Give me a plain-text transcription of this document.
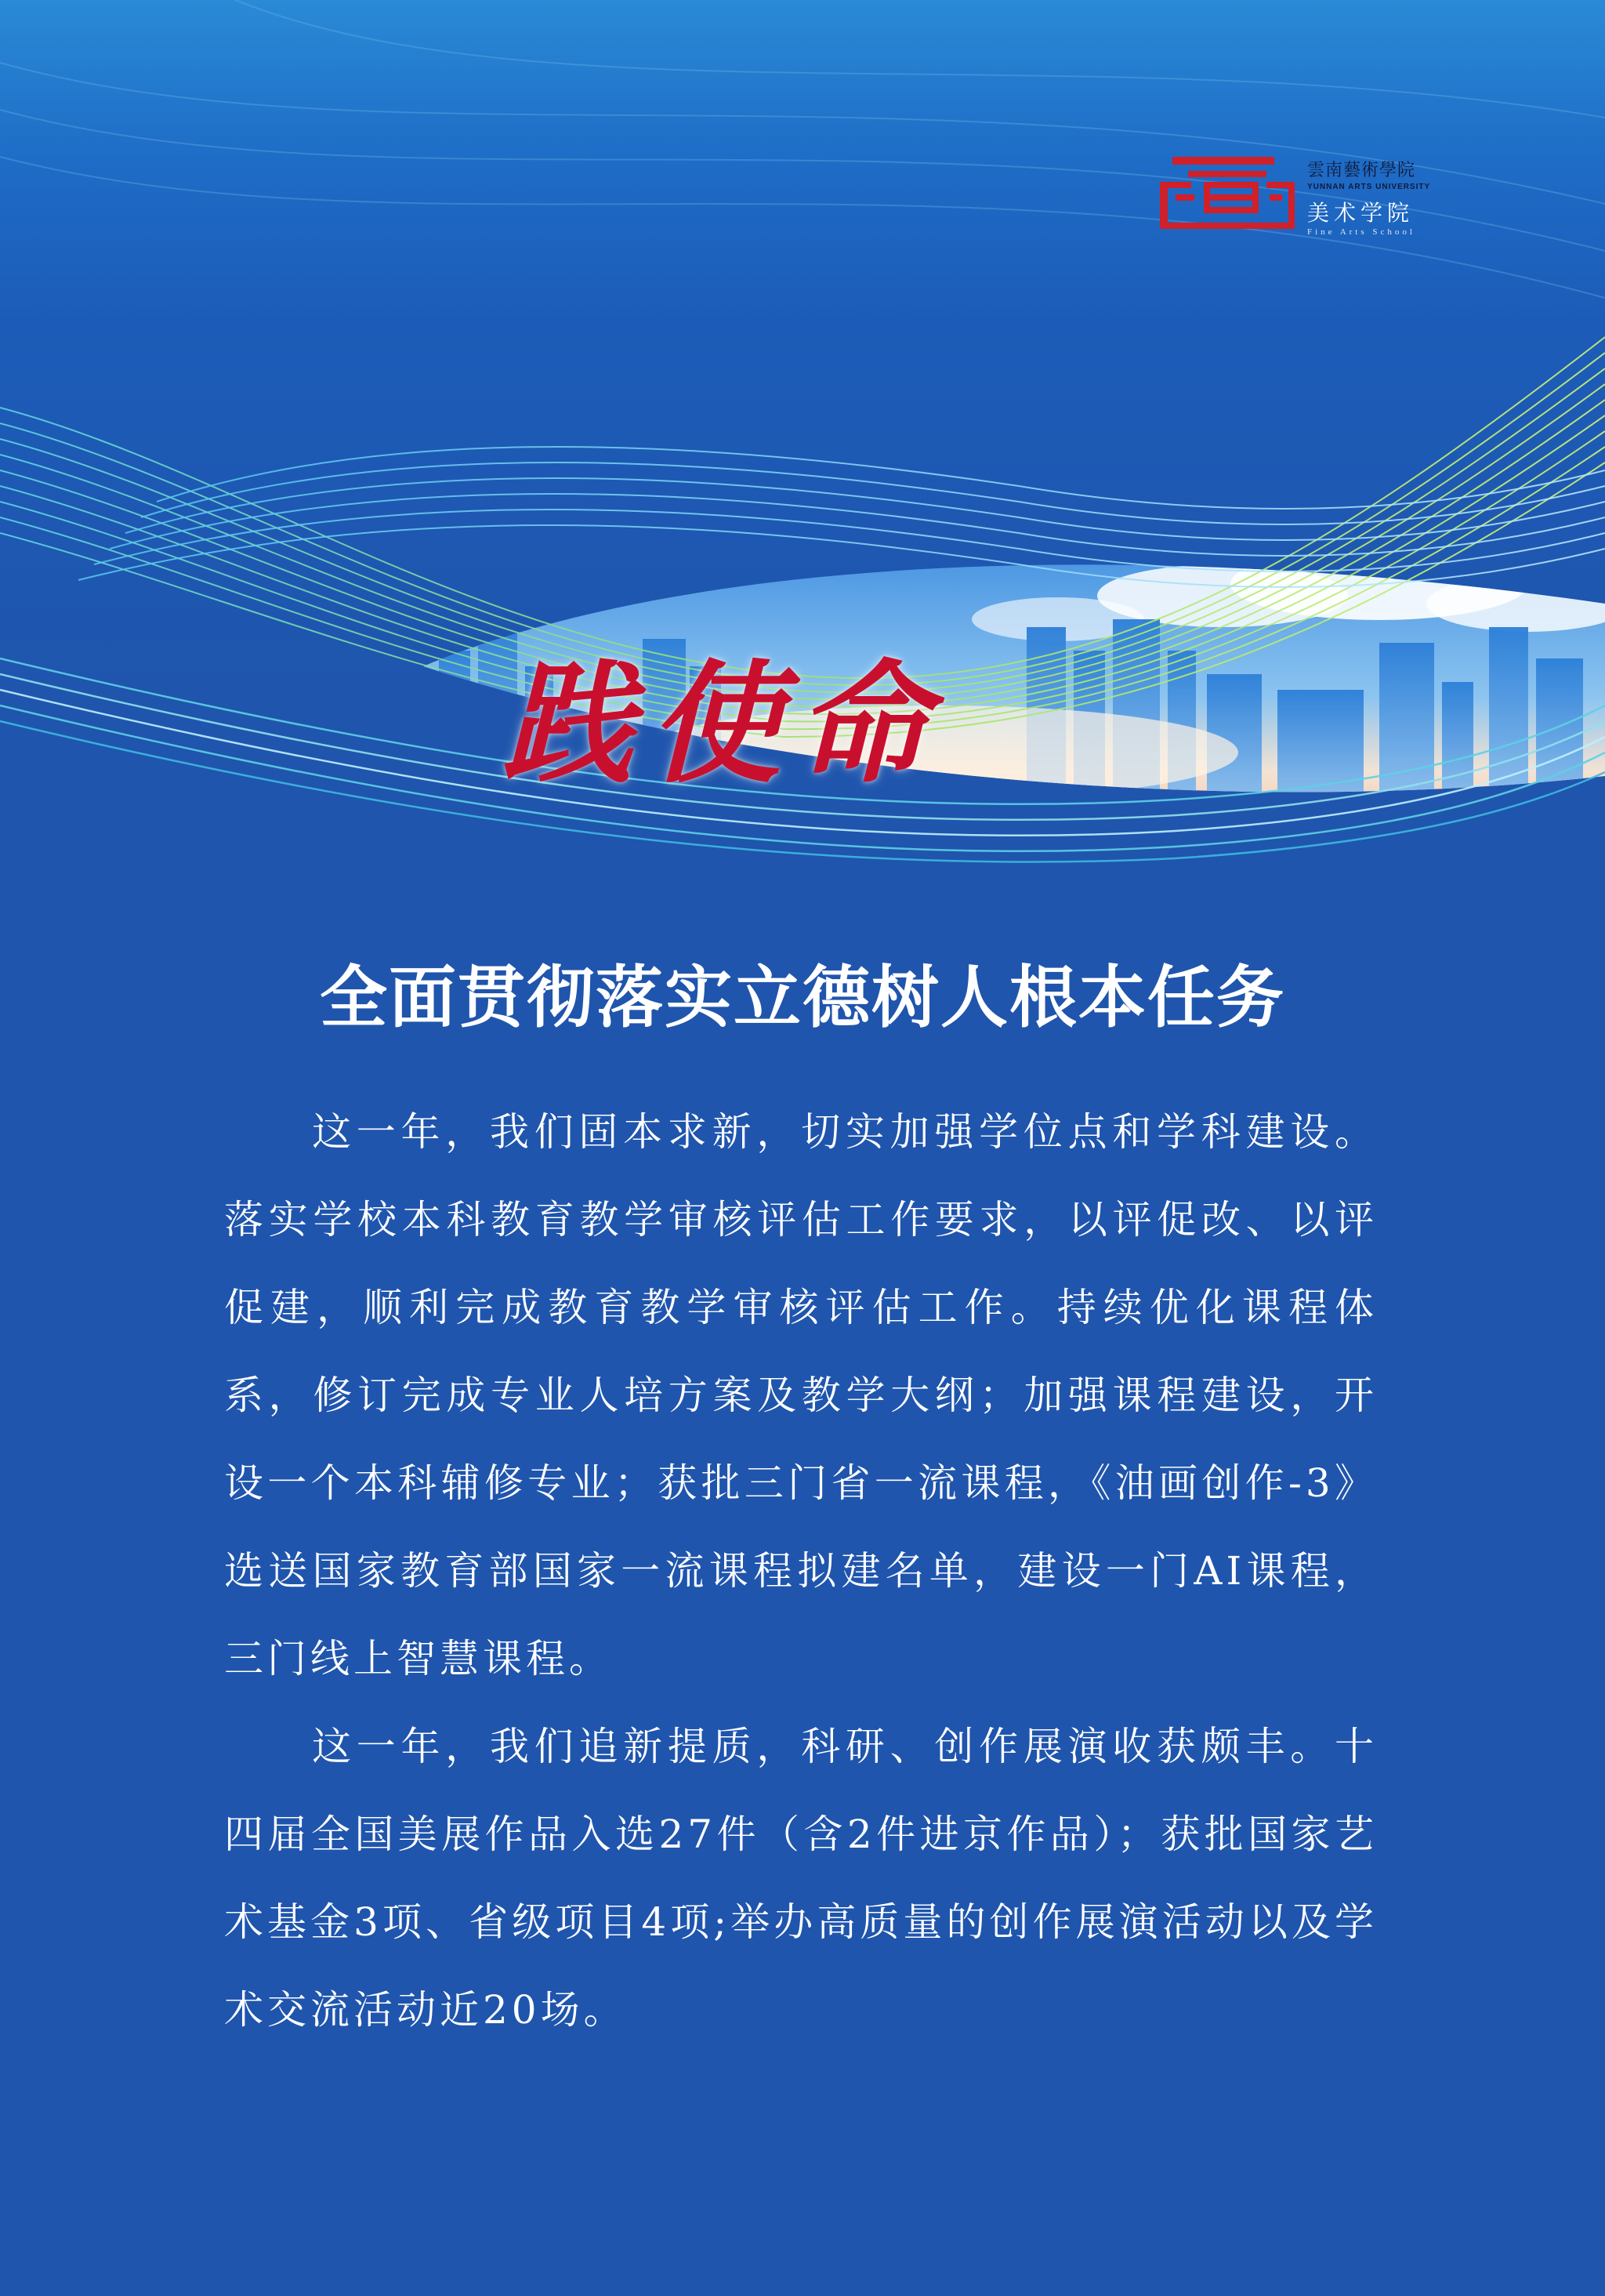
雲南藝術學院
YUNNAN ARTS UNIVERSITY
美术学院
Fine Arts School
践使命
全面贯彻落实立德树人根本任务

这一年，我们固本求新，切实加强学位点和学科建设。落实学校本科教育教学审核评估工作要求，以评促改、以评促建，顺利完成教育教学审核评估工作。持续优化课程体系，修订完成专业人培方案及教学大纲；加强课程建设，开设一个本科辅修专业；获批三门省一流课程，《油画创作-3》选送国家教育部国家一流课程拟建名单，建设一门AI课程，三门线上智慧课程。

这一年，我们追新提质，科研、创作展演收获颇丰。十四届全国美展作品入选27件（含2件进京作品）；获批国家艺术基金3项、省级项目4项;举办高质量的创作展演活动以及学术交流活动近20场。
